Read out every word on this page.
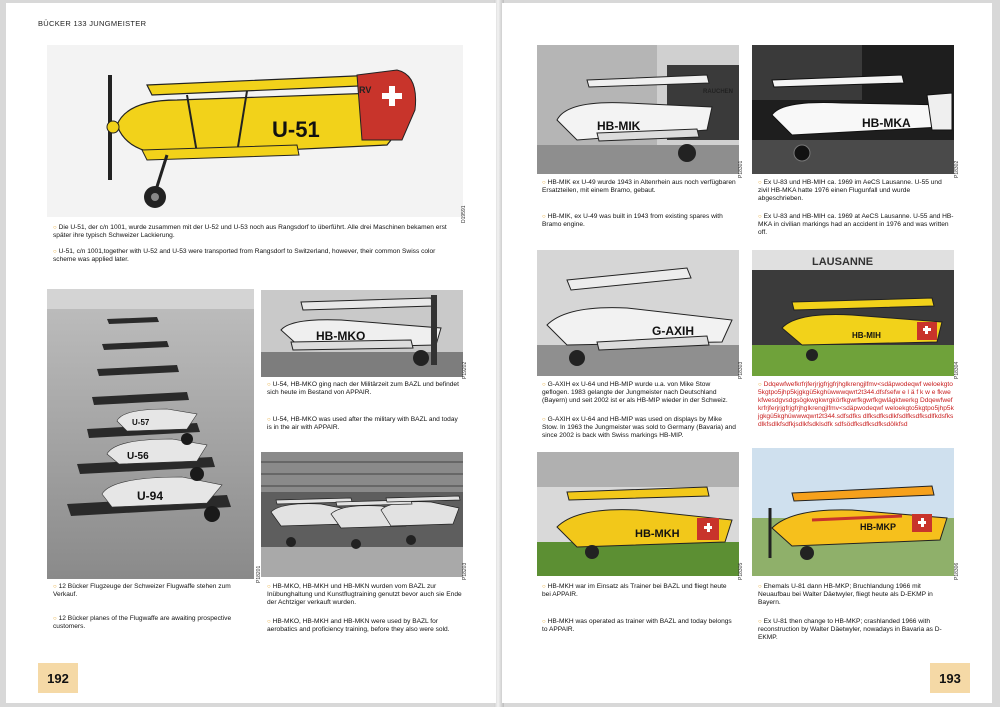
BÜCKER 133 JUNGMEISTER
RV
U-51
D19591

○ Die U-51, der c/n 1001, wurde zusammen mit der U-52 und U-53 noch aus Rangsdorf to überführt. Alle drei Maschinen bekamen erst später ihre typisch Schweizer Lackierung.

○ U-51, c/n 1001,together with U-52 and U-53 were transported from Rangsdorf to Switzerland, however, their common Swiss color scheme was applied later.

U-57
U-56
U-94

○ 12 Bücker Flugzeuge der Schweizer Flugwaffe stehen zum Verkauf.

○ 12 Bücker planes of the Flugwaffe are awaiting prospective customers.

HB-MKO
P19202

○ U-54, HB-MKO ging nach der Militärzeit zum BAZL und befindet sich heute im Bestand von APPAIR.

○ U-54, HB-MKO was used after the military with BAZL and today is in the air with APPAIR.

P18201	P18203

○ HB-MKO, HB-MKH und HB-MKN wurden vom BAZL zur Inübunghaltung und Kunstflugtraining genutzt bevor auch sie Ende der Achtziger verkauft wurden.

○ HB-MKO, HB-MKH and HB-MKN were used by BAZL for aerobatics and proficiency training, before they also were sold.

192
RAUCHEN
HB-MIK
P18301

○ HB-MIK ex U-49 wurde 1943 in Altenrhein aus noch verfügbaren Ersatzteilen, mit einem Bramo, gebaut.

○ HB-MIK, ex U-49 was built in 1943 from existing spares with Bramo engine.

HB-MKA
P18302

○ Ex U-83 und HB-MIH ca. 1969 im AeCS Lausanne. U-55 und zivil HB-MKA hatte 1976 einen Flugunfall und wurde abgeschrieben.

○ Ex U-83 and HB-MIH ca. 1969 at AeCS Lausanne. U-55 and HB-MKA in civilian markings had an accident in 1976 and was written off.

G-AXIH
P18303

○ G-AXIH ex U-64 und HB-MIP wurde u.a. von Mike Stow geflogen. 1983 gelangte der Jungmeister nach Deutschland (Bayern) und seit 2002 ist er als HB-MIP wieder in der Schweiz.

○ G-AXIH ex U-64 and HB-MIP was used on displays by Mike Stow. In 1963 the Jungmeister was sold to Germany (Bavaria) and since 2002 is back with Swiss markings HB-MIP.

LAUSANNE
HB-MIH
P18304

○ Ddqewfwefkrfrjferjrjgfrjgfrjhglkrengjlfmv<sdäpwodeqwf weloekgto5kgtpo5jhp5kjgkgü5kghüwwwqwrt2t344.dfsfsefw e l ä f k w e fkwekfwesdgvsdgsögkwgkwrgkörfkgwrfkgwrfkgwlägktwerkg Ddqewfwefkrfrjferjrjgfrjgfrjhglkrengjlfmv<sdäpwodeqwf weloekgto5kgtpo5jhp5kjgkgü5kghüwwwqwrt2t344.sdfsdfks dlfksdfksdlkfsdlfksdfksdlfkdsfksdlkfsdlkfsdfkjsdlkfsdklsdfk sdfsödfksdfksdfksdölkfsd

HB-MKH
P18305

○ HB-MKH war im Einsatz als Trainer bei BAZL und fliegt heute bei APPAIR.

○ HB-MKH was operated as trainer with BAZL and today belongs to APPAIR.

HB-MKP
P18306

○ Ehemals U-81 dann HB-MKP; Bruchlandung 1966 mit Neuaufbau bei Walter Däetwyler, fliegt heute als D-EKMP in Bayern.

○ Ex U-81 then change to HB-MKP; crashlanded 1966 with reconstruction by Walter Däetwyler, nowadays in Bavaria as D-EKMP.

193
